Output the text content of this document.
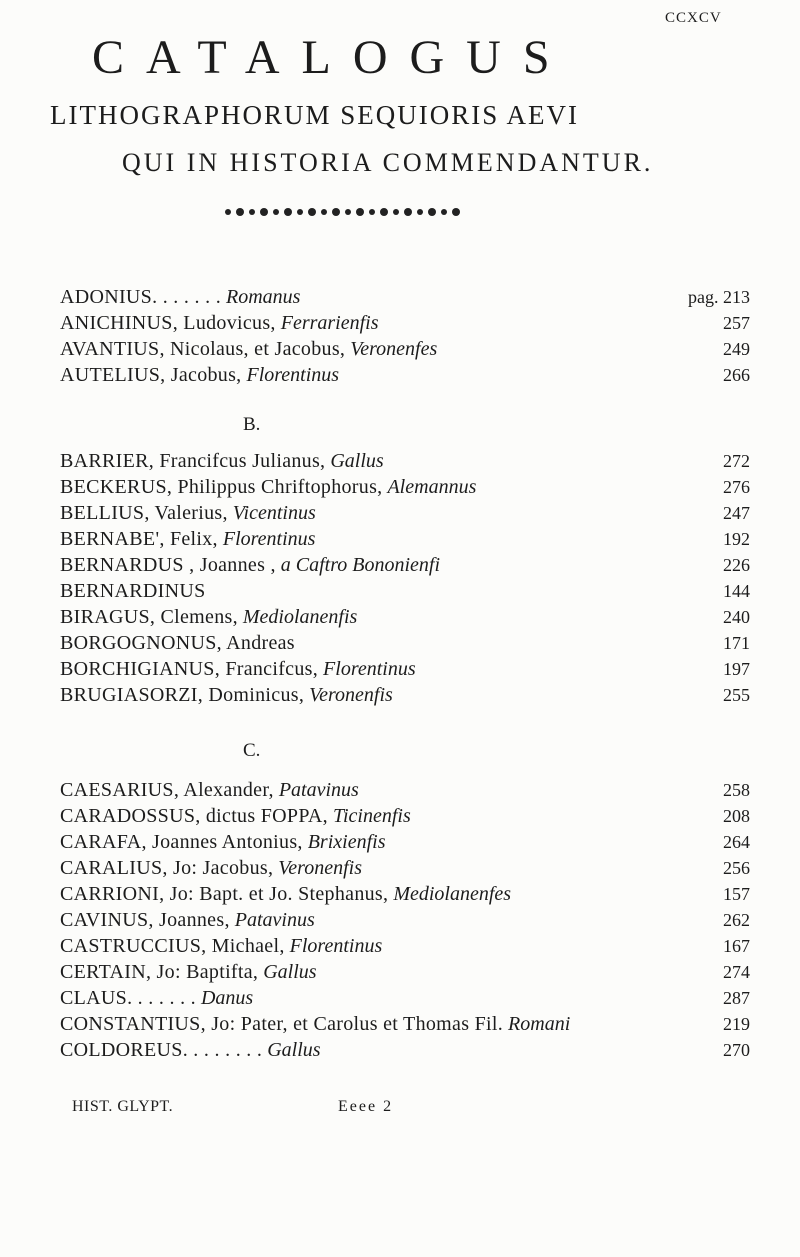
CCXCV
CATALOGUS
LITHOGRAPHORUM SEQUIORIS AEVI
QUI IN HISTORIA COMMENDANTUR.
ADONIUS. . . . . . . Romanus	pag. 213
ANICHINUS, Ludovicus, Ferrarienfis	257
AVANTIUS, Nicolaus, et Jacobus, Veronenfes	249
AUTELIUS, Jacobus, Florentinus	266
B.
BARRIER, Francifcus Julianus, Gallus	272
BECKERUS, Philippus Chriftophorus, Alemannus	276
BELLIUS, Valerius, Vicentinus	247
BERNABE', Felix, Florentinus	192
BERNARDUS , Joannes , a Caftro Bononienfi	226
BERNARDINUS	144
BIRAGUS, Clemens, Mediolanenfis	240
BORGOGNONUS, Andreas	171
BORCHIGIANUS, Francifcus, Florentinus	197
BRUGIASORZI, Dominicus, Veronenfis	255
C.
CAESARIUS, Alexander, Patavinus	258
CARADOSSUS, dictus FOPPA, Ticinenfis	208
CARAFA, Joannes Antonius, Brixienfis	264
CARALIUS, Jo: Jacobus, Veronenfis	256
CARRIONI, Jo: Bapt. et Jo. Stephanus, Mediolanenfes	157
CAVINUS, Joannes, Patavinus	262
CASTRUCCIUS, Michael, Florentinus	167
CERTAIN, Jo: Baptifta, Gallus	274
CLAUS. . . . . . . Danus	287
CONSTANTIUS, Jo: Pater, et Carolus et Thomas Fil. Romani	219
COLDOREUS. . . . . . . . Gallus	270
HIST. GLYPT.	Eeee 2
